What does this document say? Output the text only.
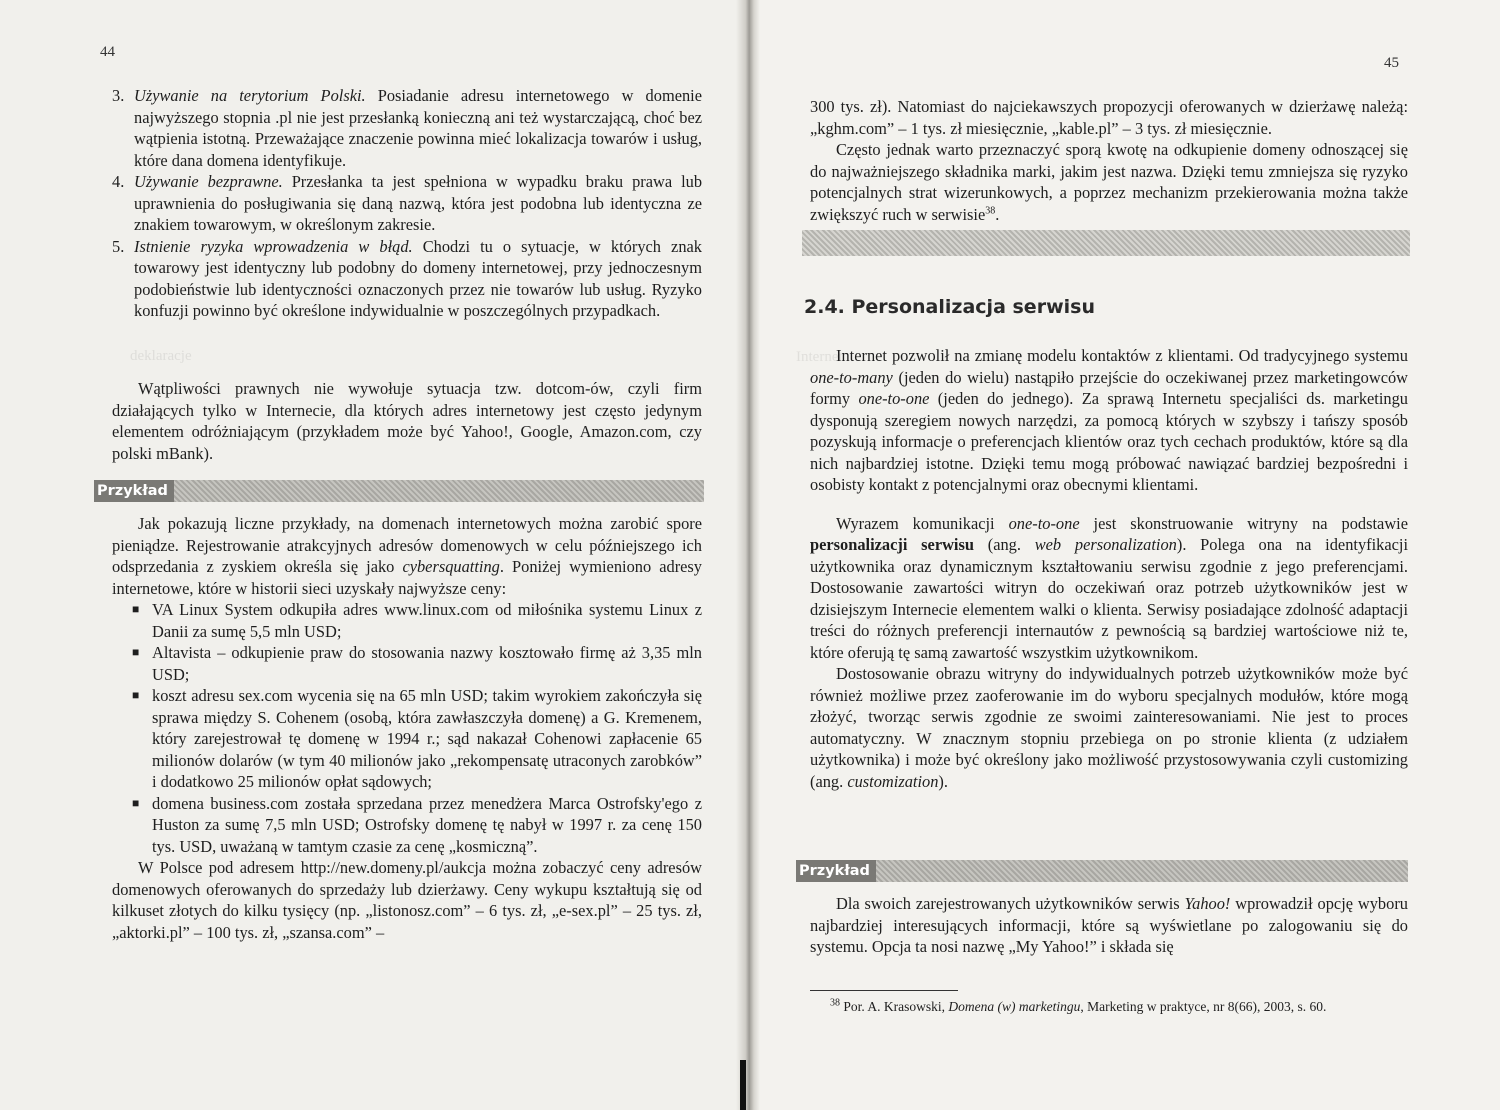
deklaracje
44
3. Używanie na terytorium Polski. Posiadanie adresu internetowego w domenie najwyższego stopnia .pl nie jest przesłanką konieczną ani też wystarczającą, choć bez wątpienia istotną. Przeważające znaczenie powinna mieć lokalizacja towarów i usług, które dana domena identyfikuje.
4. Używanie bezprawne. Przesłanka ta jest spełniona w wypadku braku prawa lub uprawnienia do posługiwania się daną nazwą, która jest podobna lub identyczna ze znakiem towarowym, w określonym zakresie.
5. Istnienie ryzyka wprowadzenia w błąd. Chodzi tu o sytuacje, w których znak towarowy jest identyczny lub podobny do domeny internetowej, przy jednoczesnym podobieństwie lub identyczności oznaczonych przez nie towarów lub usług. Ryzyko konfuzji powinno być określone indywidualnie w poszczególnych przypadkach.

Wątpliwości prawnych nie wywołuje sytuacja tzw. dotcom-ów, czyli firm działających tylko w Internecie, dla których adres internetowy jest często jedynym elementem odróżniającym (przykładem może być Yahoo!, Google, Amazon.com, czy polski mBank).

Przykład

Jak pokazują liczne przykłady, na domenach internetowych można zarobić spore pieniądze. Rejestrowanie atrakcyjnych adresów domenowych w celu późniejszego ich odsprzedania z zyskiem określa się jako cybersquatting. Poniżej wymieniono adresy internetowe, które w historii sieci uzyskały najwyższe ceny:

■ VA Linux System odkupiła adres www.linux.com od miłośnika systemu Linux z Danii za sumę 5,5 mln USD;
■ Altavista – odkupienie praw do stosowania nazwy kosztowało firmę aż 3,35 mln USD;
■ koszt adresu sex.com wycenia się na 65 mln USD; takim wyrokiem zakończyła się sprawa między S. Cohenem (osobą, która zawłaszczyła domenę) a G. Kremenem, który zarejestrował tę domenę w 1994 r.; sąd nakazał Cohenowi zapłacenie 65 milionów dolarów (w tym 40 milionów jako „rekompensatę utraconych zarobków” i dodatkowo 25 milionów opłat sądowych;
■ domena business.com została sprzedana przez menedżera Marca Ostrofsky'ego z Huston za sumę 7,5 mln USD; Ostrofsky domenę tę nabył w 1997 r. za cenę 150 tys. USD, uważaną w tamtym czasie za cenę „kosmiczną”.

W Polsce pod adresem http://new.domeny.pl/aukcja można zobaczyć ceny adresów domenowych oferowanych do sprzedaży lub dzierżawy. Ceny wykupu kształtują się od kilkuset złotych do kilku tysięcy (np. „listonosz.com” – 6 tys. zł, „e-sex.pl” – 25 tys. zł, „aktorki.pl” – 100 tys. zł, „szansa.com” –

Internet
45

300 tys. zł). Natomiast do najciekawszych propozycji oferowanych w dzierżawę należą: „kghm.com” – 1 tys. zł miesięcznie, „kable.pl” – 3 tys. zł miesięcznie.

Często jednak warto przeznaczyć sporą kwotę na odkupienie domeny odnoszącej się do najważniejszego składnika marki, jakim jest nazwa. Dzięki temu zmniejsza się ryzyko potencjalnych strat wizerunkowych, a poprzez mechanizm przekierowania można także zwiększyć ruch w serwisie$^{38}$.

2.4. Personalizacja serwisu

Internet pozwolił na zmianę modelu kontaktów z klientami. Od tradycyjnego systemu one-to-many (jeden do wielu) nastąpiło przejście do oczekiwanej przez marketingowców formy one-to-one (jeden do jednego). Za sprawą Internetu specjaliści ds. marketingu dysponują szeregiem nowych narzędzi, za pomocą których w szybszy i tańszy sposób pozyskują informacje o preferencjach klientów oraz tych cechach produktów, które są dla nich najbardziej istotne. Dzięki temu mogą próbować nawiązać bardziej bezpośredni i osobisty kontakt z potencjalnymi oraz obecnymi klientami.

Wyrazem komunikacji one-to-one jest skonstruowanie witryny na podstawie personalizacji serwisu (ang. web personalization). Polega ona na identyfikacji użytkownika oraz dynamicznym kształtowaniu serwisu zgodnie z jego preferencjami. Dostosowanie zawartości witryn do oczekiwań oraz potrzeb użytkowników jest w dzisiejszym Internecie elementem walki o klienta. Serwisy posiadające zdolność adaptacji treści do różnych preferencji internautów z pewnością są bardziej wartościowe niż te, które oferują tę samą zawartość wszystkim użytkownikom.

Dostosowanie obrazu witryny do indywidualnych potrzeb użytkowników może być również możliwe przez zaoferowanie im do wyboru specjalnych modułów, które mogą złożyć, tworząc serwis zgodnie ze swoimi zainteresowaniami. Nie jest to proces automatyczny. W znacznym stopniu przebiega on po stronie klienta (z udziałem użytkownika) i może być określony jako możliwość przystosowywania czyli customizing (ang. customization).

Przykład

Dla swoich zarejestrowanych użytkowników serwis Yahoo! wprowadził opcję wyboru najbardziej interesujących informacji, które są wyświetlane po zalogowaniu się do systemu. Opcja ta nosi nazwę „My Yahoo!” i składa się

$^{38}$ Por. A. Krasowski, Domena (w) marketingu, Marketing w praktyce, nr 8(66), 2003, s. 60.
